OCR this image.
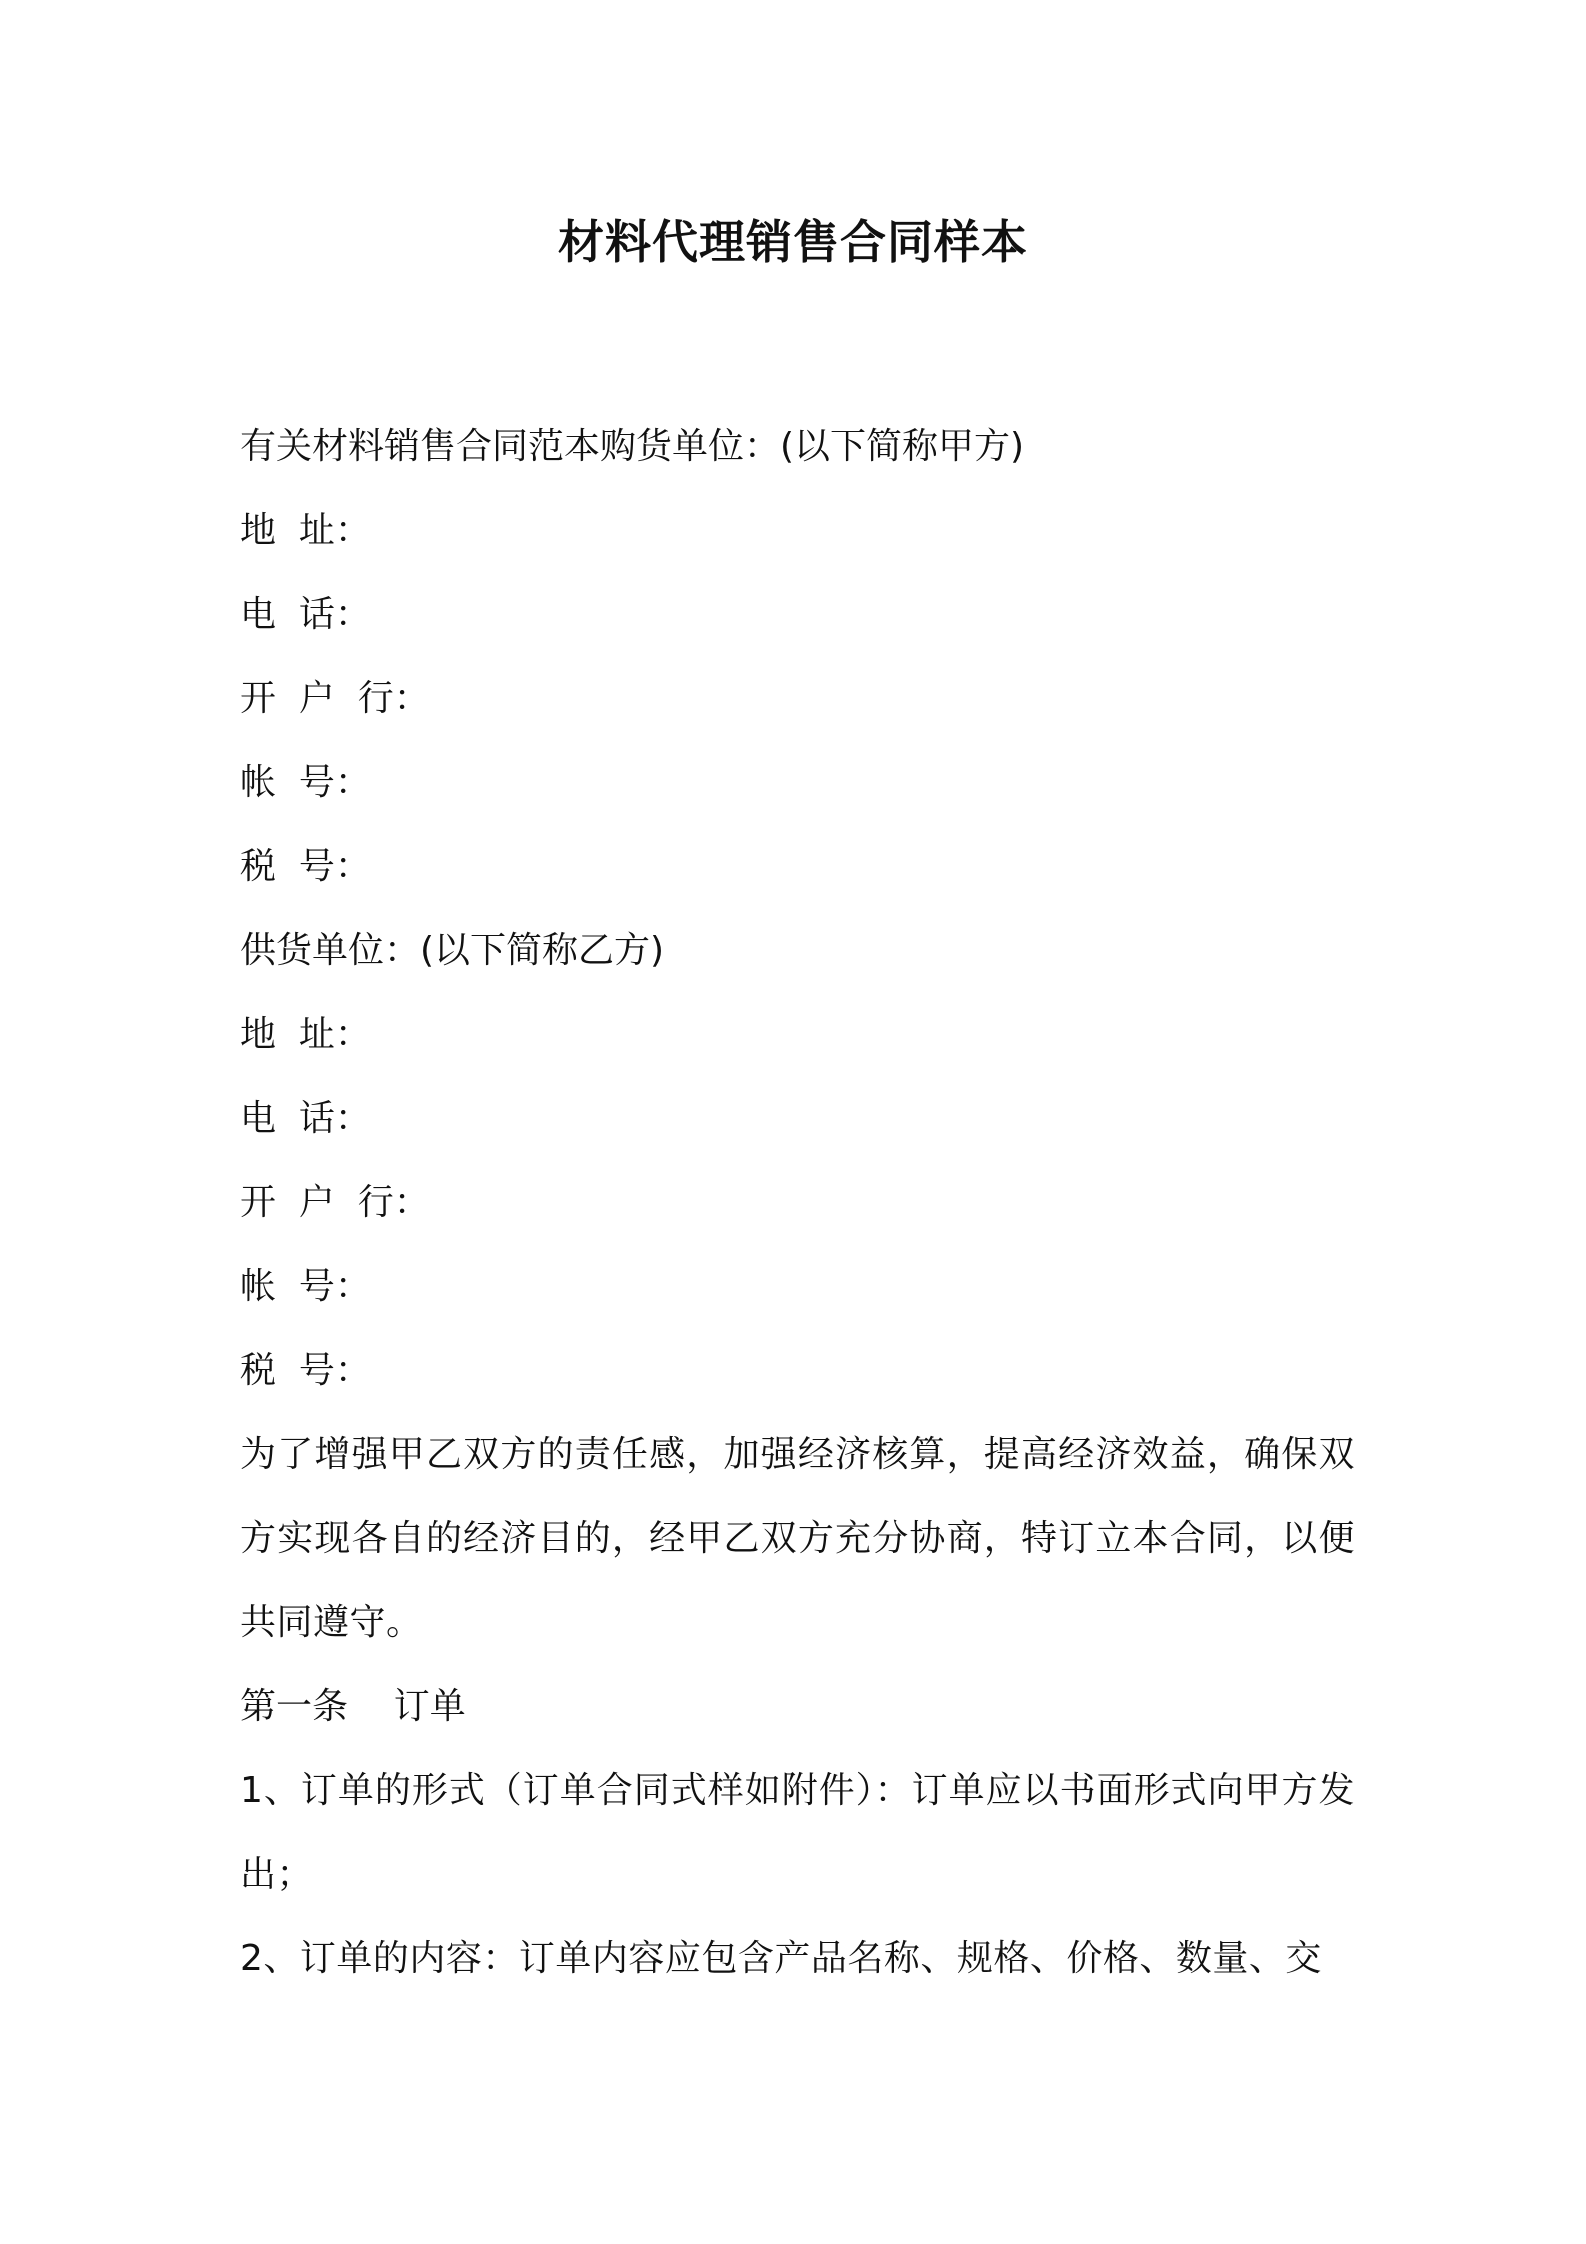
材料代理销售合同样本

有关材料销售合同范本购货单位：(以下简称甲方)

地  址：

电  话：

开  户  行：

帐  号：

税  号：

供货单位：(以下简称乙方)

地  址：

电  话：

开  户  行：

帐  号：

税  号：

为了增强甲乙双方的责任感，加强经济核算，提高经济效益，确保双方实现各自的经济目的，经甲乙双方充分协商，特订立本合同，以便共同遵守。

第一条    订单

1、订单的形式（订单合同式样如附件）：订单应以书面形式向甲方发出；

2、订单的内容：订单内容应包含产品名称、规格、价格、数量、交
